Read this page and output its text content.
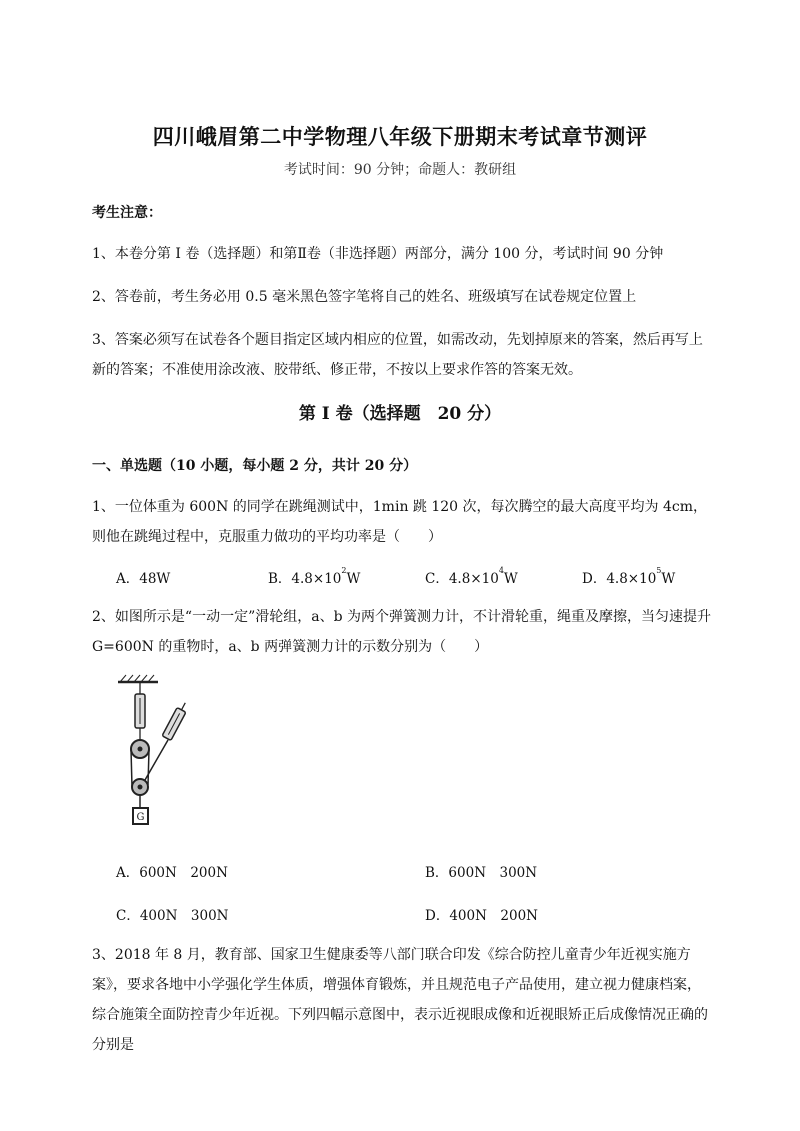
四川峨眉第二中学物理八年级下册期末考试章节测评
考试时间：90 分钟；命题人：教研组
考生注意：
1、本卷分第 I 卷（选择题）和第Ⅱ卷（非选择题）两部分，满分 100 分，考试时间 90 分钟
2、答卷前，考生务必用 0.5 毫米黑色签字笔将自己的姓名、班级填写在试卷规定位置上
3、答案必须写在试卷各个题目指定区域内相应的位置，如需改动，先划掉原来的答案，然后再写上新的答案；不准使用涂改液、胶带纸、修正带，不按以上要求作答的答案无效。
第 I 卷（选择题　20 分）
一、单选题（10 小题，每小题 2 分，共计 20 分）
1、一位体重为 600N 的同学在跳绳测试中，1min 跳 120 次，每次腾空的最大高度平均为 4cm，则他在跳绳过程中，克服重力做功的平均功率是（　　）
A．48W	B．$4.8\times 10^2W$	C．$4.8\times 10^4W$	D．$4.8\times 10^5W$
2、如图所示是“一动一定”滑轮组，a、b 为两个弹簧测力计，不计滑轮重，绳重及摩擦，当匀速提升 G=600N 的重物时，a、b 两弹簧测力计的示数分别为（　　）
G
A．600N　200N	B．600N　300N
C．400N　300N	D．400N　200N
3、2018 年 8 月，教育部、国家卫生健康委等八部门联合印发《综合防控儿童青少年近视实施方案》，要求各地中小学强化学生体质，增强体育锻炼，并且规范电子产品使用，建立视力健康档案，综合施策全面防控青少年近视。下列四幅示意图中，表示近视眼成像和近视眼矫正后成像情况正确的分别是
